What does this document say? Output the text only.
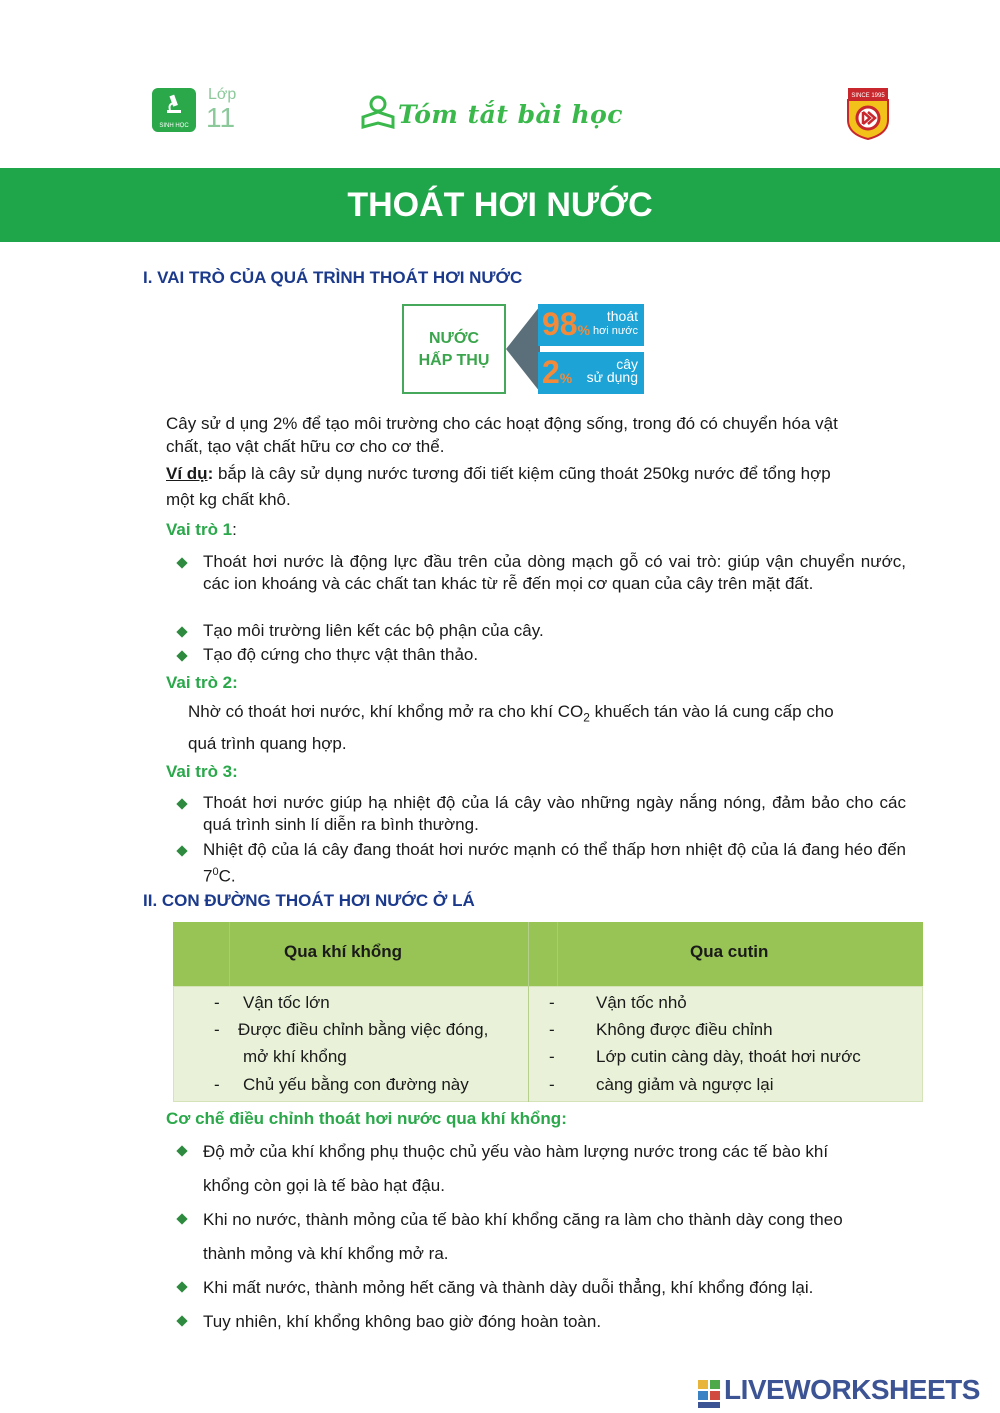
SINH HỌC
Lớp
11	Tóm tắt bài học
SINCE 1995
THOÁT HƠI NƯỚC
I. VAI TRÒ CỦA QUÁ TRÌNH THOÁT HƠI NƯỚC
NƯỚC
HẤP THỤ
98%
thoát
hơi nước
2%
cây
sử dụng
Cây sử d ụng 2% để tạo môi trường cho các hoạt động sống, trong đó có chuyển hóa vật
chất, tạo vật chất hữu cơ cho cơ thể.
Ví dụ: bắp là cây sử dụng nước tương đối tiết kiệm cũng thoát 250kg nước để tổng hợp
một kg chất khô.
Vai trò 1:
Thoát hơi nước là động lực đầu trên của dòng mạch gỗ có vai trò: giúp vận chuyển nước, các ion khoáng và các chất tan khác từ rễ đến mọi cơ quan của cây trên mặt đất.
Tạo môi trường liên kết các bộ phận của cây.
Tạo độ cứng cho thực vật thân thảo.
Vai trò 2:
Nhờ có thoát hơi nước, khí khổng mở ra cho khí $CO_2$ khuếch tán vào lá cung cấp cho
quá trình quang hợp.
Vai trò 3:
Thoát hơi nước giúp hạ nhiệt độ của lá cây vào những ngày nắng nóng, đảm bảo cho các quá trình sinh lí diễn ra bình thường.
Nhiệt độ của lá cây đang thoát hơi nước mạnh có thể thấp hơn nhiệt độ của lá đang héo đến $7^0C$.
II. CON ĐƯỜNG THOÁT HƠI NƯỚC Ở LÁ
Qua khí khổng	Qua cutin
- Vận tốc lớn
- Được điều chỉnh bằng việc đóng,
mở khí khổng
- Chủ yếu bằng con đường này
- Vận tốc nhỏ
- Không được điều chỉnh
- Lớp cutin càng dày, thoát hơi nước
- càng giảm và ngược lại
Cơ chế điều chỉnh thoát hơi nước qua khí khổng:
Độ mở của khí khổng phụ thuộc chủ yếu vào hàm lượng nước trong các tế bào khí
khổng còn gọi là tế bào hạt đậu.
Khi no nước, thành mỏng của tế bào khí khổng căng ra làm cho thành dày cong theo
thành mỏng và khí khổng mở ra.
Khi mất nước, thành mỏng hết căng và thành dày duỗi thẳng, khí khổng đóng lại.
Tuy nhiên, khí khổng không bao giờ đóng hoàn toàn.
LIVEWORKSHEETS
